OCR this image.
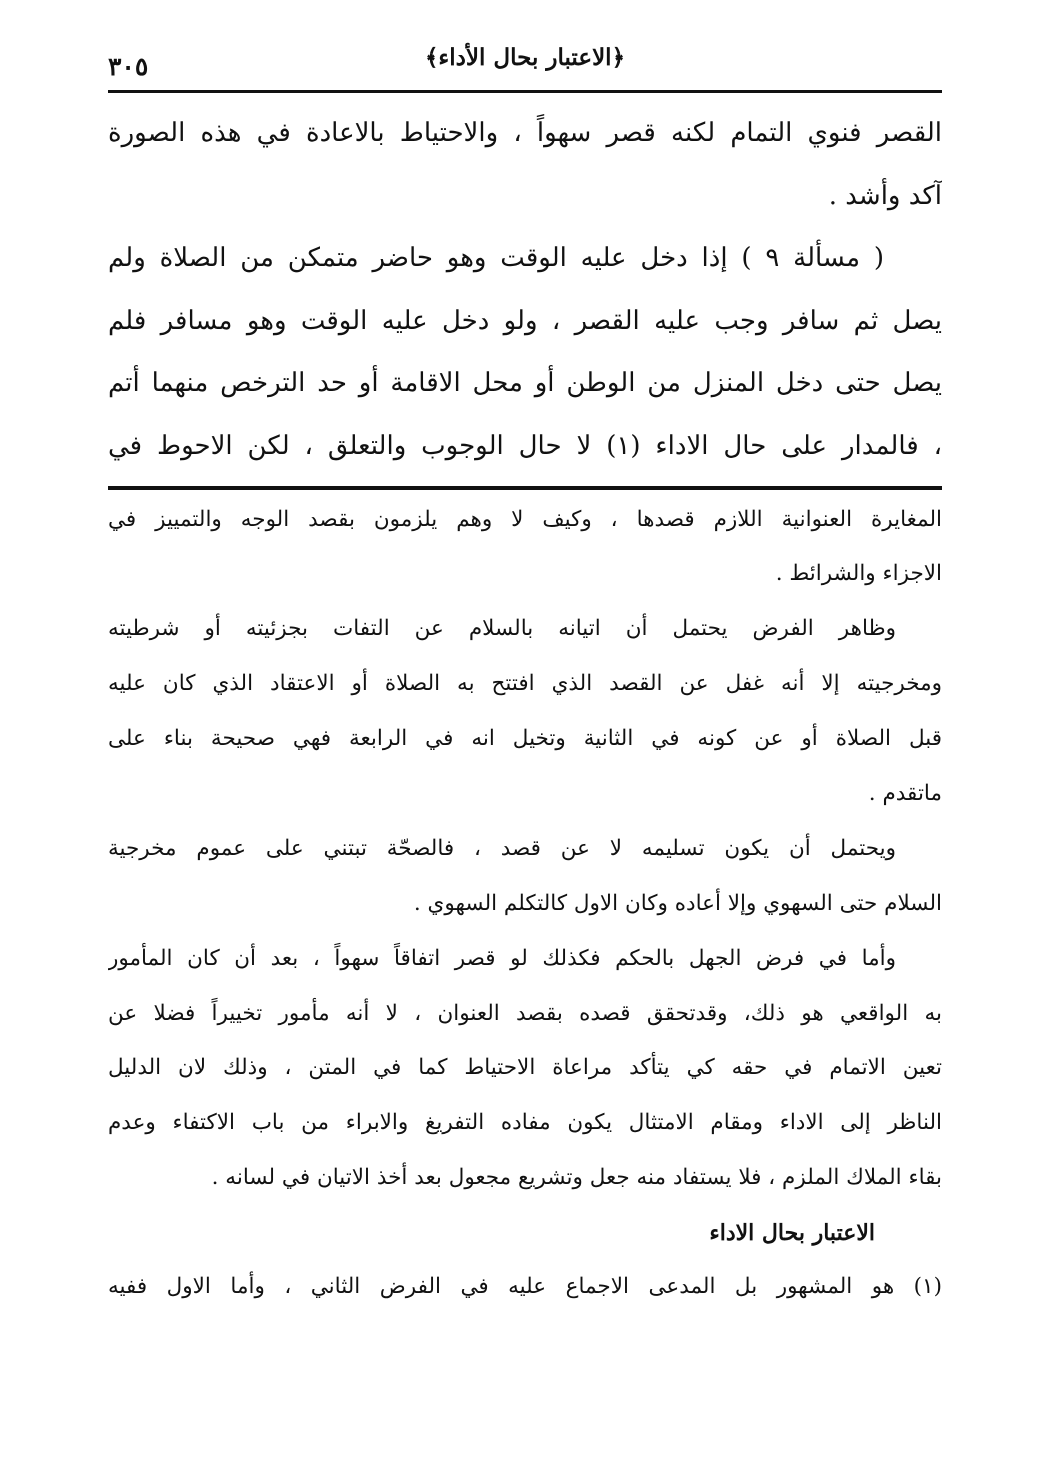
﴿الاعتبار بحال الأداء﴾
٣٠٥
القصر فنوي التمام لكنه قصر سهواً ، والاحتياط بالاعادة في هذه الصورة
آكد وأشد .
( مسألة ٩ ) إذا دخل عليه الوقت وهو حاضر متمكن من الصلاة ولم
يصل ثم سافر وجب عليه القصر ، ولو دخل عليه الوقت وهو مسافر فلم
يصل حتى دخل المنزل من الوطن أو محل الاقامة أو حد الترخص منهما أتم
، فالمدار على حال الاداء (١) لا حال الوجوب والتعلق ، لكن الاحوط في
المغايرة العنوانية اللازم قصدها ، وكيف لا وهم يلزمون بقصد الوجه والتمييز في
الاجزاء والشرائط .
وظاهر الفرض يحتمل أن اتيانه بالسلام عن التفات بجزئيته أو شرطيته
ومخرجيته إلا أنه غفل عن القصد الذي افتتح به الصلاة أو الاعتقاد الذي كان عليه
قبل الصلاة أو عن كونه في الثانية وتخيل انه في الرابعة فهي صحيحة بناء على
ماتقدم .
ويحتمل أن يكون تسليمه لا عن قصد ، فالصحّة تبتني على عموم مخرجية
السلام حتى السهوي وإلا أعاده وكان الاول كالتكلم السهوي .
وأما في فرض الجهل بالحكم فكذلك لو قصر اتفاقاً سهواً ، بعد أن كان المأمور
به الواقعي هو ذلك، وقدتحقق قصده بقصد العنوان ، لا أنه مأمور تخييراً فضلا عن
تعين الاتمام في حقه كي يتأكد مراعاة الاحتياط كما في المتن ، وذلك لان الدليل
الناظر إلى الاداء ومقام الامتثال يكون مفاده التفريغ والابراء من باب الاكتفاء وعدم
بقاء الملاك الملزم ، فلا يستفاد منه جعل وتشريع مجعول بعد أخذ الاتيان في لسانه .
الاعتبار بحال الاداء
(١) هو المشهور بل المدعى الاجماع عليه في الفرض الثاني ، وأما الاول ففيه
